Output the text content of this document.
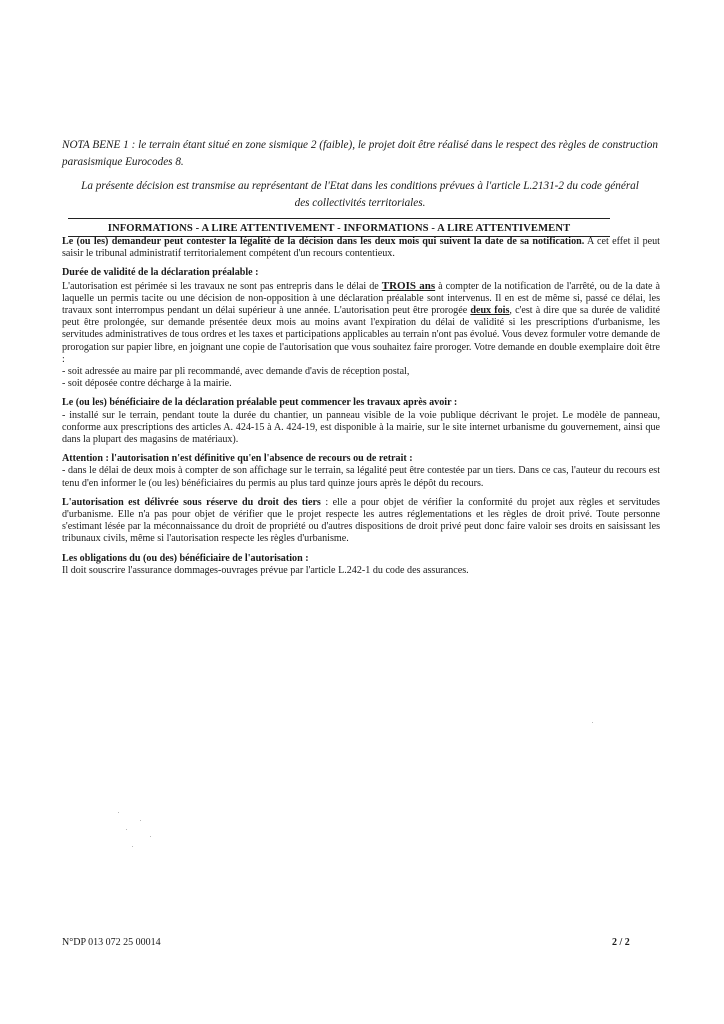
NOTA BENE 1 : le terrain étant situé en zone sismique 2 (faible), le projet doit être réalisé dans le respect des règles de construction parasismique Eurocodes 8.
La présente décision est transmise au représentant de l'Etat dans les conditions prévues à l'article L.2131-2 du code général
des collectivités territoriales.
INFORMATIONS - A LIRE ATTENTIVEMENT - INFORMATIONS - A LIRE ATTENTIVEMENT

Le (ou les) demandeur peut contester la légalité de la décision dans les deux mois qui suivent la date de sa notification. A cet effet il peut saisir le tribunal administratif territorialement compétent d'un recours contentieux.

Durée de validité de la déclaration préalable :

L'autorisation est périmée si les travaux ne sont pas entrepris dans le délai de TROIS ans à compter de la notification de l'arrêté, ou de la date à laquelle un permis tacite ou une décision de non-opposition à une déclaration préalable sont intervenus. Il en est de même si, passé ce délai, les travaux sont interrompus pendant un délai supérieur à une année. L'autorisation peut être prorogée deux fois, c'est à dire que sa durée de validité peut être prolongée, sur demande présentée deux mois au moins avant l'expiration du délai de validité si les prescriptions d'urbanisme, les servitudes administratives de tous ordres et les taxes et participations applicables au terrain n'ont pas évolué. Vous devez formuler votre demande de prorogation sur papier libre, en joignant une copie de l'autorisation que vous souhaitez faire proroger. Votre demande en double exemplaire doit être :

- soit adressée au maire par pli recommandé, avec demande d'avis de réception postal,
- soit déposée contre décharge à la mairie.

Le (ou les) bénéficiaire de la déclaration préalable peut commencer les travaux après avoir :

- installé sur le terrain, pendant toute la durée du chantier, un panneau visible de la voie publique décrivant le projet. Le modèle de panneau, conforme aux prescriptions des articles A. 424-15 à A. 424-19, est disponible à la mairie, sur le site internet urbanisme du gouvernement, ainsi que dans la plupart des magasins de matériaux).

Attention : l'autorisation n'est définitive qu'en l'absence de recours ou de retrait :

- dans le délai de deux mois à compter de son affichage sur le terrain, sa légalité peut être contestée par un tiers. Dans ce cas, l'auteur du recours est tenu d'en informer le (ou les) bénéficiaires du permis au plus tard quinze jours après le dépôt du recours.

L'autorisation est délivrée sous réserve du droit des tiers : elle a pour objet de vérifier la conformité du projet aux règles et servitudes d'urbanisme. Elle n'a pas pour objet de vérifier que le projet respecte les autres réglementations et les règles de droit privé. Toute personne s'estimant lésée par la méconnaissance du droit de propriété ou d'autres dispositions de droit privé peut donc faire valoir ses droits en saisissant les tribunaux civils, même si l'autorisation respecte les règles d'urbanisme.

Les obligations du (ou des) bénéficiaire de l'autorisation :

Il doit souscrire l'assurance dommages-ouvrages prévue par l'article L.242-1 du code des assurances.

N°DP 013 072 25 00014	2 / 2
